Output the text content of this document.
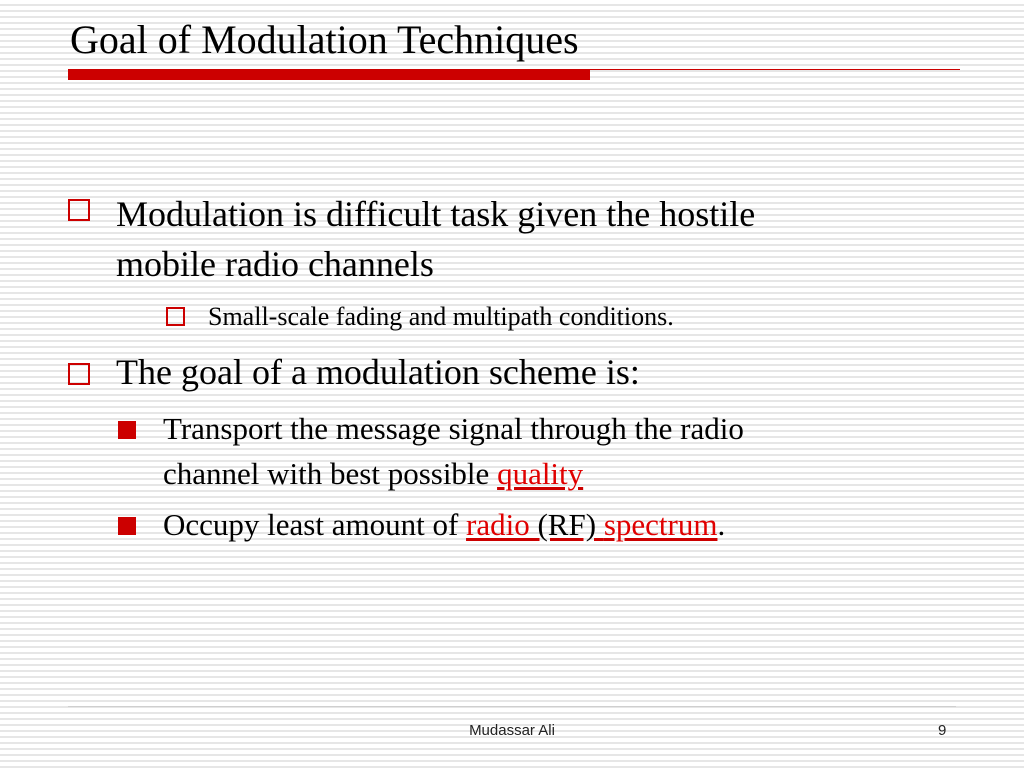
Goal of Modulation Techniques
Modulation is difficult task given the hostile
mobile radio channels
Small-scale fading and multipath conditions.
The goal of a modulation scheme is:
Transport the message signal through the radio
channel with best possible quality
Occupy least amount of radio (RF) spectrum.
Mudassar Ali	9
